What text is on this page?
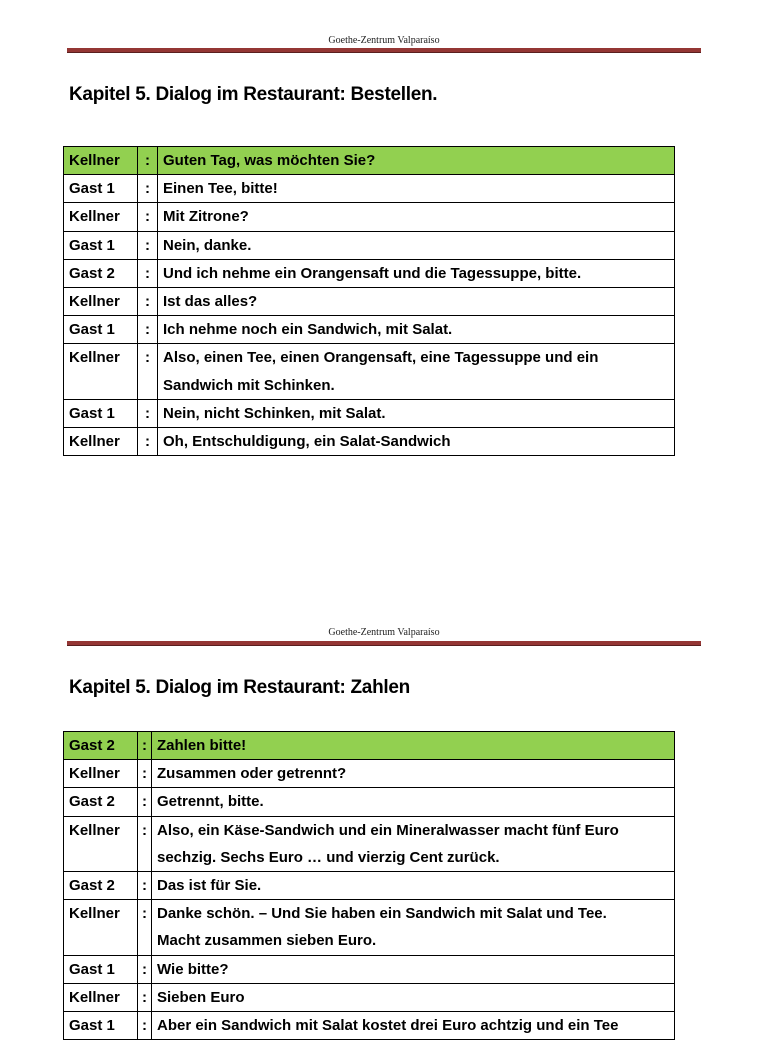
Goethe-Zentrum Valparaíso
Kapitel 5. Dialog im Restaurant: Bestellen.
Kellner	:	Guten Tag, was möchten Sie?

Gast 1	:	Einen Tee, bitte!

Kellner	:	Mit Zitrone?

Gast 1	:	Nein, danke.

Gast 2	:	Und ich nehme ein Orangensaft und die Tagessuppe, bitte.

Kellner	:	Ist das alles?

Gast 1	:	Ich nehme noch ein Sandwich, mit Salat.

Kellner	:	Also, einen Tee, einen Orangensaft, eine Tagessuppe und ein
Sandwich mit Schinken.

Gast 1	:	Nein, nicht Schinken, mit Salat.

Kellner	:	Oh, Entschuldigung, ein Salat-Sandwich
Goethe-Zentrum Valparaíso
Kapitel 5. Dialog im Restaurant: Zahlen
Gast 2	:	Zahlen bitte!

Kellner	:	Zusammen oder getrennt?

Gast 2	:	Getrennt, bitte.

Kellner	:	Also, ein Käse-Sandwich und ein Mineralwasser macht fünf Euro
sechzig. Sechs Euro … und vierzig Cent zurück.

Gast 2	:	Das ist für Sie.

Kellner	:	Danke schön. – Und Sie haben ein Sandwich mit Salat und Tee.
Macht zusammen sieben Euro.

Gast 1	:	Wie bitte?

Kellner	:	Sieben Euro

Gast 1	:	Aber ein Sandwich mit Salat kostet drei Euro achtzig und ein Tee
